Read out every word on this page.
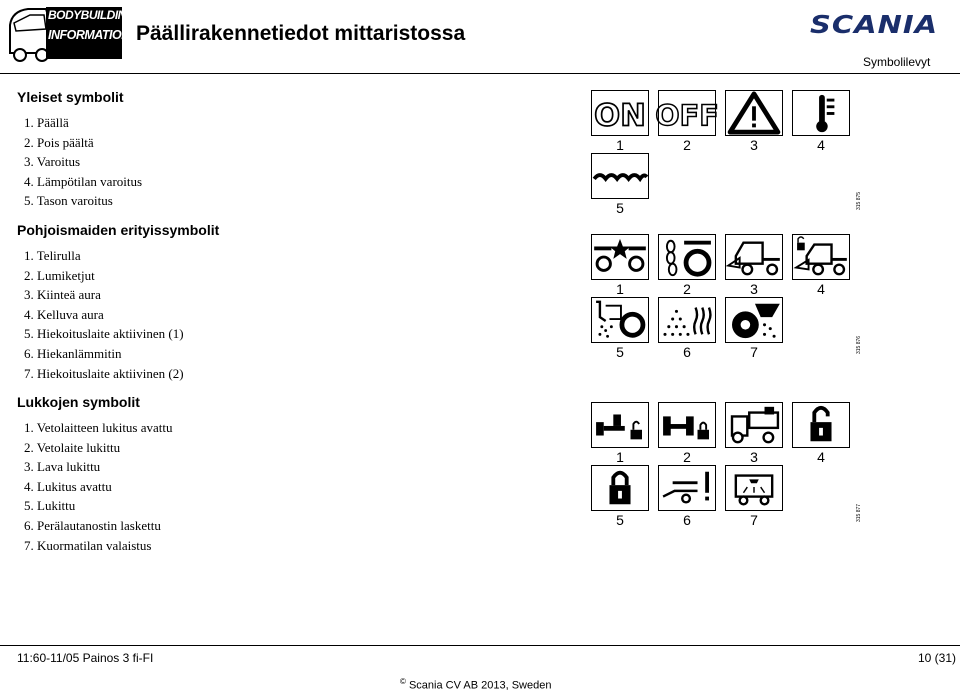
BODYBUILDING
INFORMATION Päällirakennetiedot mittaristossa	SCANIA
Symbolilevyt
Yleiset symbolit
1. Päällä
2. Pois päältä
3. Varoitus
4. Lämpötilan varoitus
5. Tason varoitus
Pohjoismaiden erityissymbolit
1. Telirulla
2. Lumiketjut
3. Kiinteä aura
4. Kelluva aura
5. Hiekoituslaite aktiivinen (1)
6. Hiekanlämmitin
7. Hiekoituslaite aktiivinen (2)
Lukkojen symbolit
1. Vetolaitteen lukitus avattu
2. Vetolaite lukittu
3. Lava lukittu
4. Lukitus avattu
5. Lukittu
6. Perälautanostin laskettu
7. Kuormatilan valaistus
ON OFF
1	2	3	4
5	315 875
1	2	3	4
5	6	7	315 876
1	2	3	4
5	6	7	315 877
11:60-11/05 Painos 3 fi-FI	10 (31)
© Scania CV AB 2013, Sweden
